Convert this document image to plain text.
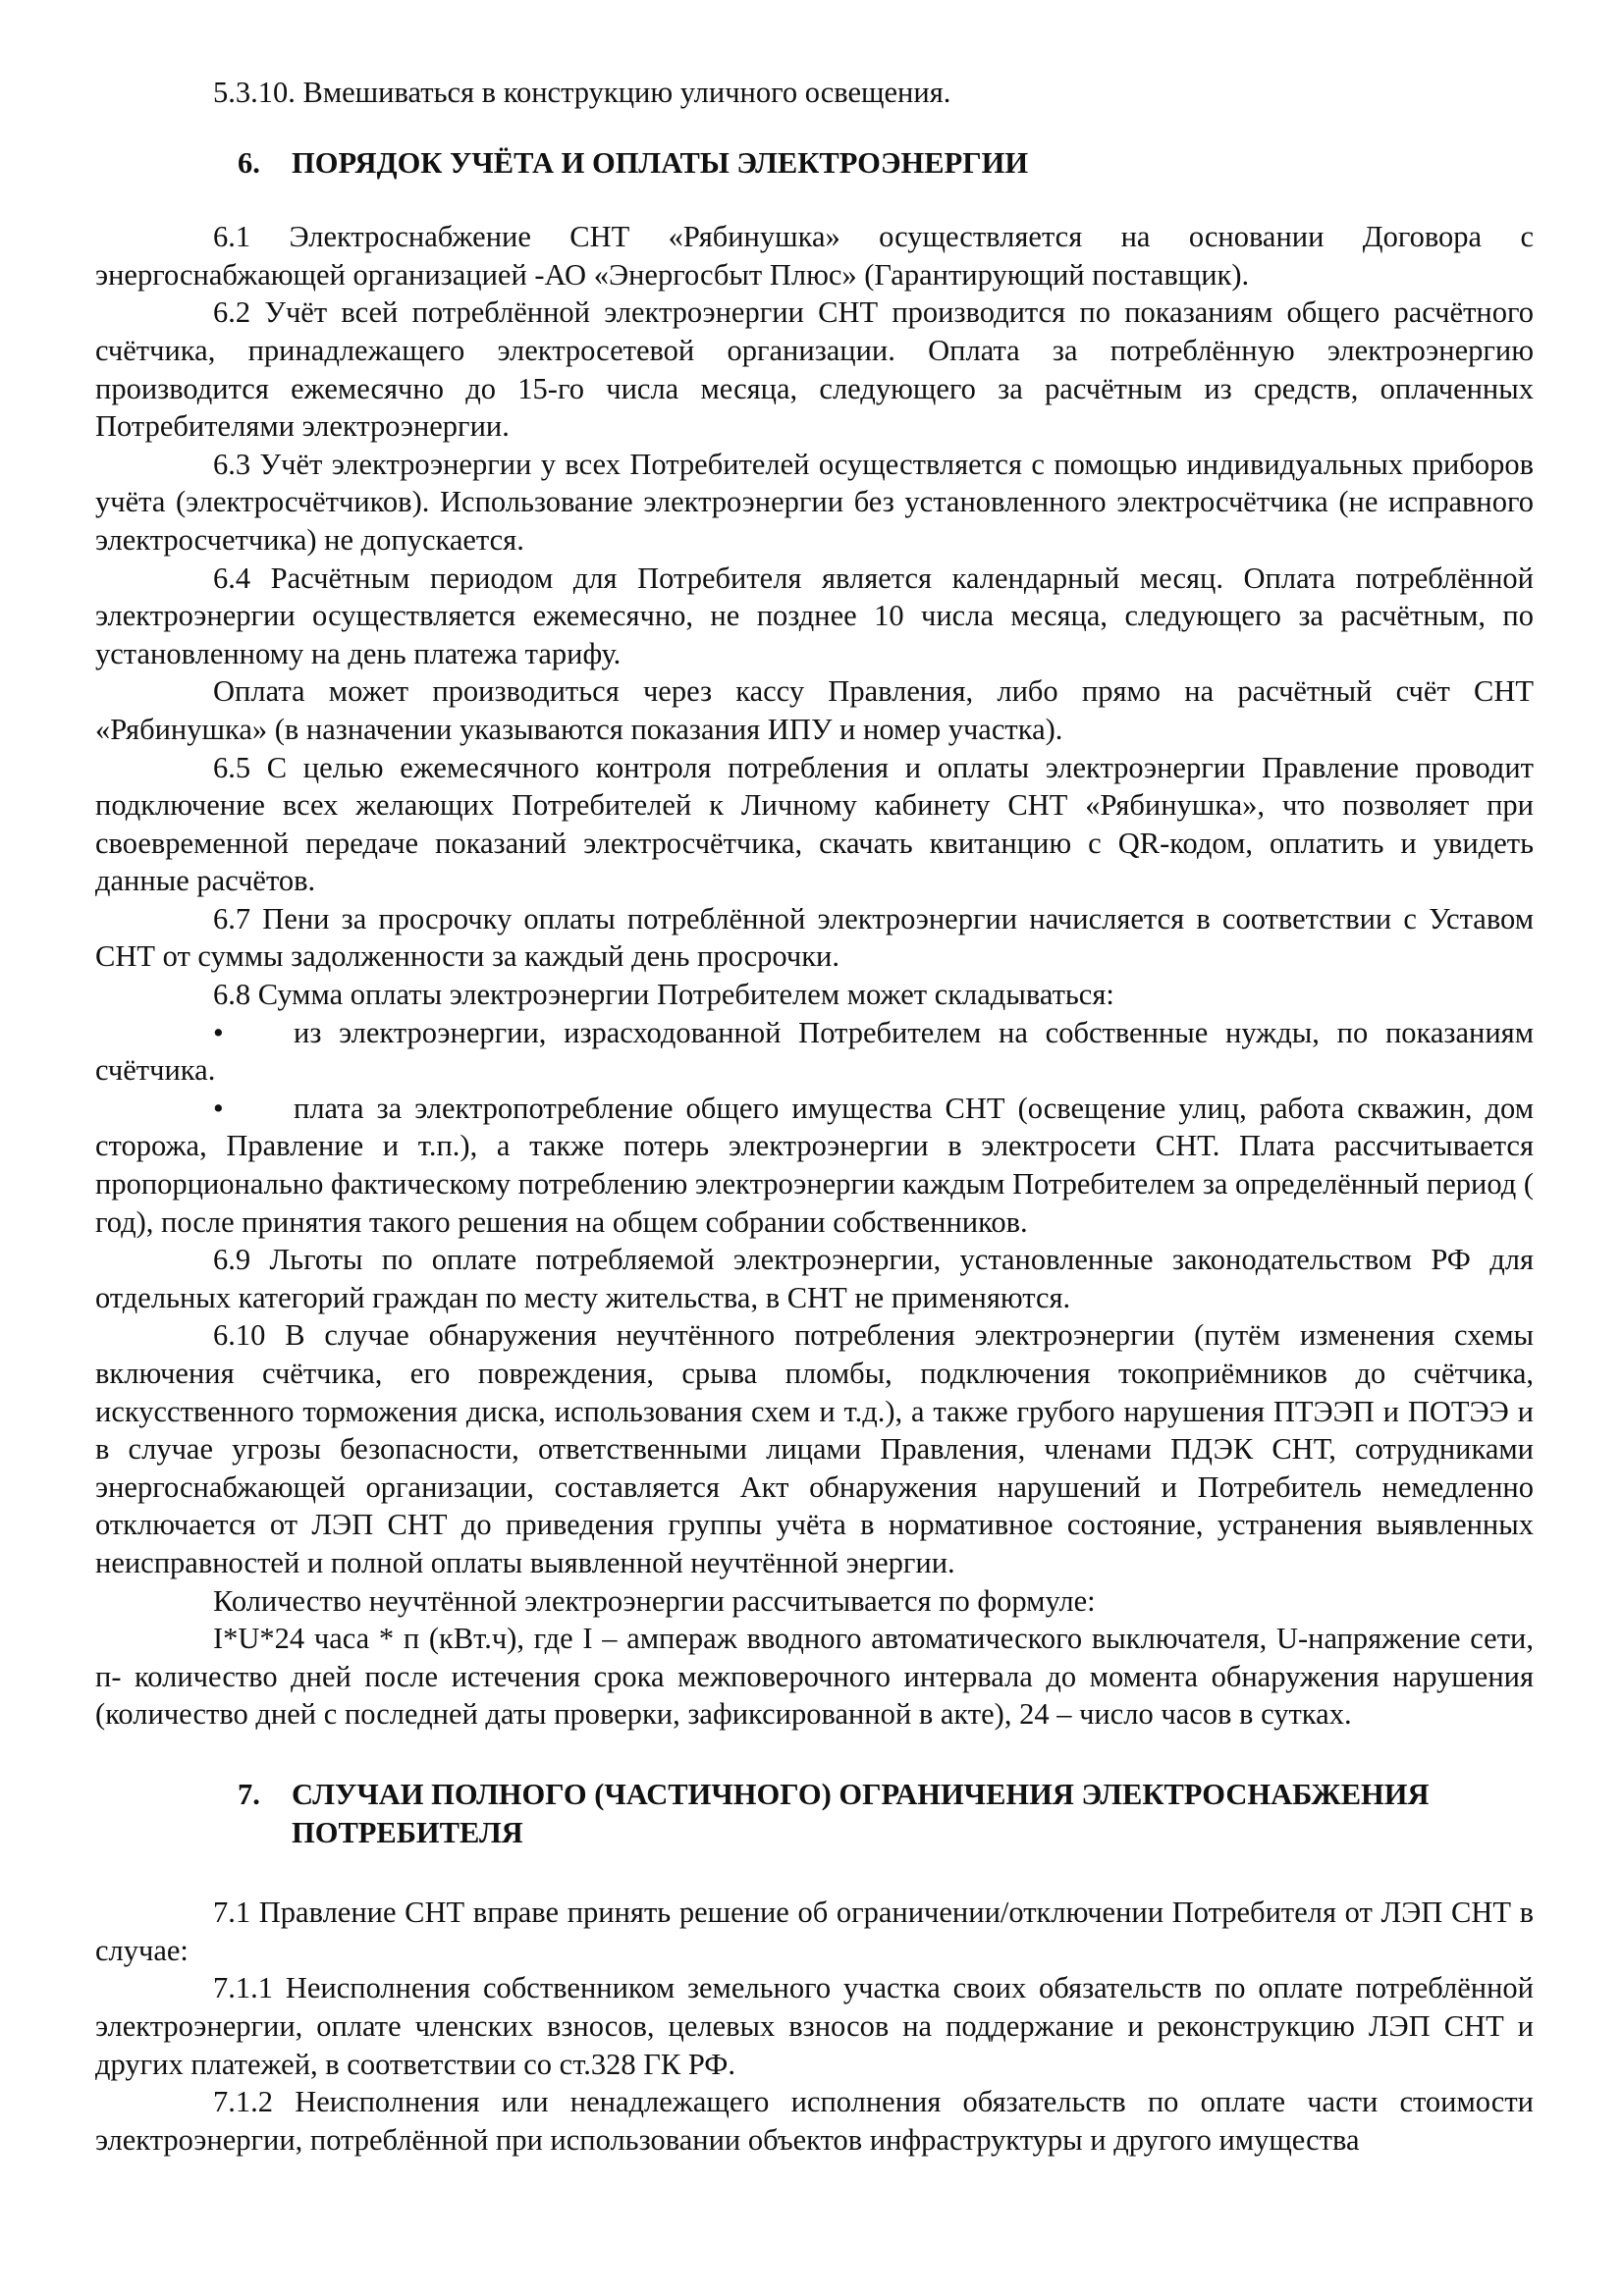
5.3.10. Вмешиваться в конструкцию уличного освещения.

6. ПОРЯДОК УЧЁТА И ОПЛАТЫ ЭЛЕКТРОЭНЕРГИИ

6.1 Электроснабжение СНТ «Рябинушка» осуществляется на основании Договора с энергоснабжающей организацией -АО «Энергосбыт Плюс» (Гарантирующий поставщик).

6.2 Учёт всей потреблённой электроэнергии СНТ производится по показаниям общего расчётного счётчика, принадлежащего электросетевой организации. Оплата за потреблённую электроэнергию производится ежемесячно до 15-го числа месяца, следующего за расчётным из средств, оплаченных Потребителями электроэнергии.

6.3 Учёт электроэнергии у всех Потребителей осуществляется с помощью индивидуальных приборов учёта (электросчётчиков). Использование электроэнергии без установленного электросчётчика (не исправного электросчетчика) не допускается.

6.4 Расчётным периодом для Потребителя является календарный месяц. Оплата потреблённой электроэнергии осуществляется ежемесячно, не позднее 10 числа месяца, следующего за расчётным, по установленному на день платежа тарифу.

Оплата может производиться через кассу Правления, либо прямо на расчётный счёт СНТ «Рябинушка» (в назначении указываются показания ИПУ и номер участка).

6.5 С целью ежемесячного контроля потребления и оплаты электроэнергии Правление проводит подключение всех желающих Потребителей к Личному кабинету СНТ «Рябинушка», что позволяет при своевременной передаче показаний электросчётчика, скачать квитанцию с QR-кодом, оплатить и увидеть данные расчётов.

6.7 Пени за просрочку оплаты потреблённой электроэнергии начисляется в соответствии с Уставом СНТ от суммы задолженности за каждый день просрочки.

6.8 Сумма оплаты электроэнергии Потребителем может складываться:

• из электроэнергии, израсходованной Потребителем на собственные нужды, по показаниям счётчика.

• плата за электропотребление общего имущества СНТ (освещение улиц, работа скважин, дом сторожа, Правление и т.п.), а также потерь электроэнергии в электросети СНТ. Плата рассчитывается пропорционально фактическому потреблению электроэнергии каждым Потребителем за определённый период ( год), после принятия такого решения на общем собрании собственников.

6.9 Льготы по оплате потребляемой электроэнергии, установленные законодательством РФ для отдельных категорий граждан по месту жительства, в СНТ не применяются.

6.10 В случае обнаружения неучтённого потребления электроэнергии (путём изменения схемы включения счётчика, его повреждения, срыва пломбы, подключения токоприёмников до счётчика, искусственного торможения диска, использования схем и т.д.), а также грубого нарушения ПТЭЭП и ПОТЭЭ и в случае угрозы безопасности, ответственными лицами Правления, членами ПДЭК СНТ, сотрудниками энергоснабжающей организации, составляется Акт обнаружения нарушений и Потребитель немедленно отключается от ЛЭП СНТ до приведения группы учёта в нормативное состояние, устранения выявленных неисправностей и полной оплаты выявленной неучтённой энергии.

Количество неучтённой электроэнергии рассчитывается по формуле:

I*U*24 часа * п (кВт.ч), где I – ампераж вводного автоматического выключателя, U-напряжение сети, п- количество дней после истечения срока межповерочного интервала до момента обнаружения нарушения (количество дней с последней даты проверки, зафиксированной в акте), 24 – число часов в сутках.

7. СЛУЧАИ ПОЛНОГО (ЧАСТИЧНОГО) ОГРАНИЧЕНИЯ ЭЛЕКТРОСНАБЖЕНИЯ ПОТРЕБИТЕЛЯ

7.1 Правление СНТ вправе принять решение об ограничении/отключении Потребителя от ЛЭП СНТ в случае:

7.1.1 Неисполнения собственником земельного участка своих обязательств по оплате потреблённой электроэнергии, оплате членских взносов, целевых взносов на поддержание и реконструкцию ЛЭП СНТ и других платежей, в соответствии со ст.328 ГК РФ.

7.1.2 Неисполнения или ненадлежащего исполнения обязательств по оплате части стоимости электроэнергии, потреблённой при использовании объектов инфраструктуры и другого имущества
